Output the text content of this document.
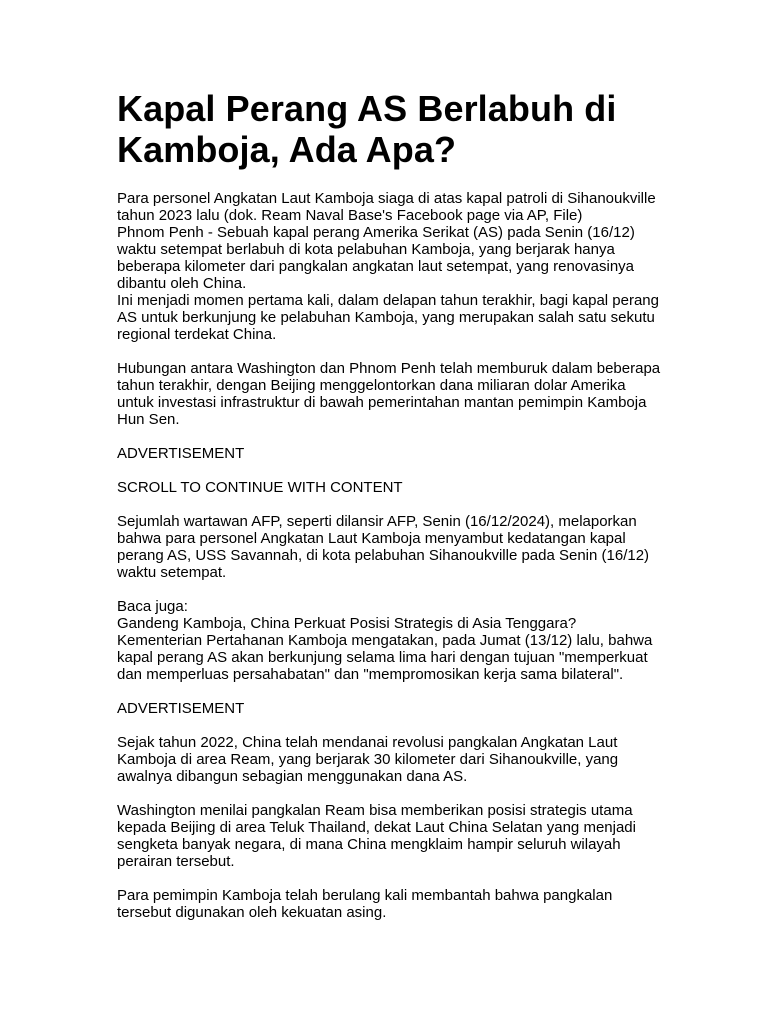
Kapal Perang AS Berlabuh di Kamboja, Ada Apa?
Para personel Angkatan Laut Kamboja siaga di atas kapal patroli di Sihanoukville tahun 2023 lalu (dok. Ream Naval Base's Facebook page via AP, File)
Phnom Penh - Sebuah kapal perang Amerika Serikat (AS) pada Senin (16/12) waktu setempat berlabuh di kota pelabuhan Kamboja, yang berjarak hanya beberapa kilometer dari pangkalan angkatan laut setempat, yang renovasinya dibantu oleh China.
Ini menjadi momen pertama kali, dalam delapan tahun terakhir, bagi kapal perang AS untuk berkunjung ke pelabuhan Kamboja, yang merupakan salah satu sekutu regional terdekat China.
Hubungan antara Washington dan Phnom Penh telah memburuk dalam beberapa tahun terakhir, dengan Beijing menggelontorkan dana miliaran dolar Amerika untuk investasi infrastruktur di bawah pemerintahan mantan pemimpin Kamboja Hun Sen.
ADVERTISEMENT
SCROLL TO CONTINUE WITH CONTENT
Sejumlah wartawan AFP, seperti dilansir AFP, Senin (16/12/2024), melaporkan bahwa para personel Angkatan Laut Kamboja menyambut kedatangan kapal perang AS, USS Savannah, di kota pelabuhan Sihanoukville pada Senin (16/12) waktu setempat.
Baca juga:
Gandeng Kamboja, China Perkuat Posisi Strategis di Asia Tenggara?
Kementerian Pertahanan Kamboja mengatakan, pada Jumat (13/12) lalu, bahwa kapal perang AS akan berkunjung selama lima hari dengan tujuan "memperkuat dan memperluas persahabatan" dan "mempromosikan kerja sama bilateral".
ADVERTISEMENT
Sejak tahun 2022, China telah mendanai revolusi pangkalan Angkatan Laut Kamboja di area Ream, yang berjarak 30 kilometer dari Sihanoukville, yang awalnya dibangun sebagian menggunakan dana AS.
Washington menilai pangkalan Ream bisa memberikan posisi strategis utama kepada Beijing di area Teluk Thailand, dekat Laut China Selatan yang menjadi sengketa banyak negara, di mana China mengklaim hampir seluruh wilayah perairan tersebut.
Para pemimpin Kamboja telah berulang kali membantah bahwa pangkalan tersebut digunakan oleh kekuatan asing.
